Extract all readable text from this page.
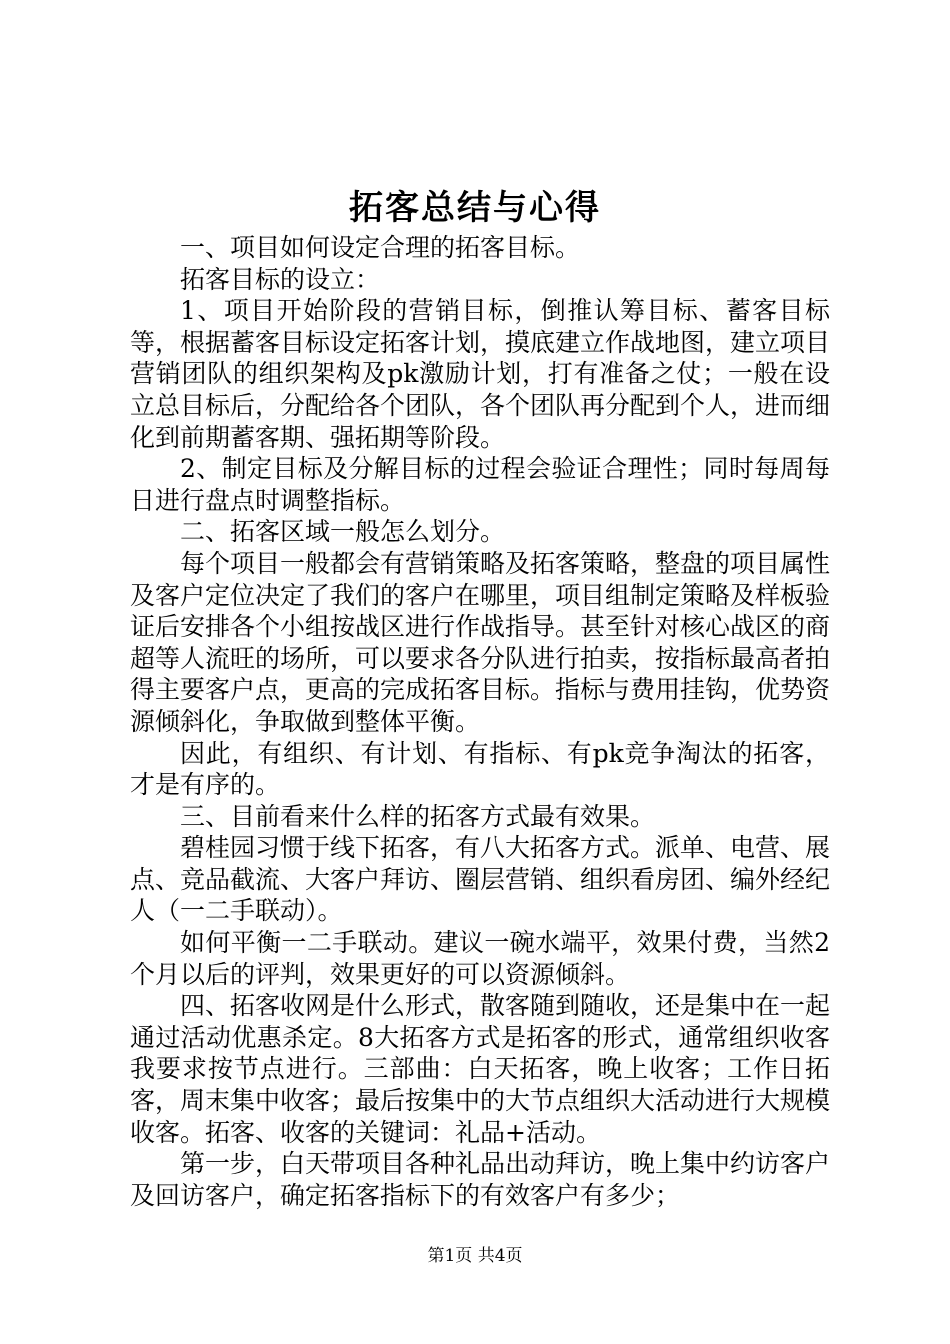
拓客总结与心得

一、项目如何设定合理的拓客目标。

拓客目标的设立：

1、项目开始阶段的营销目标，倒推认筹目标、蓄客目标等，根据蓄客目标设定拓客计划，摸底建立作战地图，建立项目营销团队的组织架构及pk激励计划，打有准备之仗；一般在设立总目标后，分配给各个团队，各个团队再分配到个人，进而细化到前期蓄客期、强拓期等阶段。

2、制定目标及分解目标的过程会验证合理性；同时每周每日进行盘点时调整指标。

二、拓客区域一般怎么划分。

每个项目一般都会有营销策略及拓客策略，整盘的项目属性及客户定位决定了我们的客户在哪里，项目组制定策略及样板验证后安排各个小组按战区进行作战指导。甚至针对核心战区的商超等人流旺的场所，可以要求各分队进行拍卖，按指标最高者拍得主要客户点，更高的完成拓客目标。指标与费用挂钩，优势资源倾斜化，争取做到整体平衡。

因此，有组织、有计划、有指标、有pk竞争淘汰的拓客，才是有序的。

三、目前看来什么样的拓客方式最有效果。

碧桂园习惯于线下拓客，有八大拓客方式。派单、电营、展点、竞品截流、大客户拜访、圈层营销、组织看房团、编外经纪人（一二手联动）。

如何平衡一二手联动。建议一碗水端平，效果付费，当然2个月以后的评判，效果更好的可以资源倾斜。

四、拓客收网是什么形式，散客随到随收，还是集中在一起通过活动优惠杀定。8大拓客方式是拓客的形式，通常组织收客我要求按节点进行。三部曲：白天拓客，晚上收客；工作日拓客，周末集中收客；最后按集中的大节点组织大活动进行大规模收客。拓客、收客的关键词：礼品+活动。

第一步，白天带项目各种礼品出动拜访，晚上集中约访客户及回访客户，确定拓客指标下的有效客户有多少；

第1页 共4页
